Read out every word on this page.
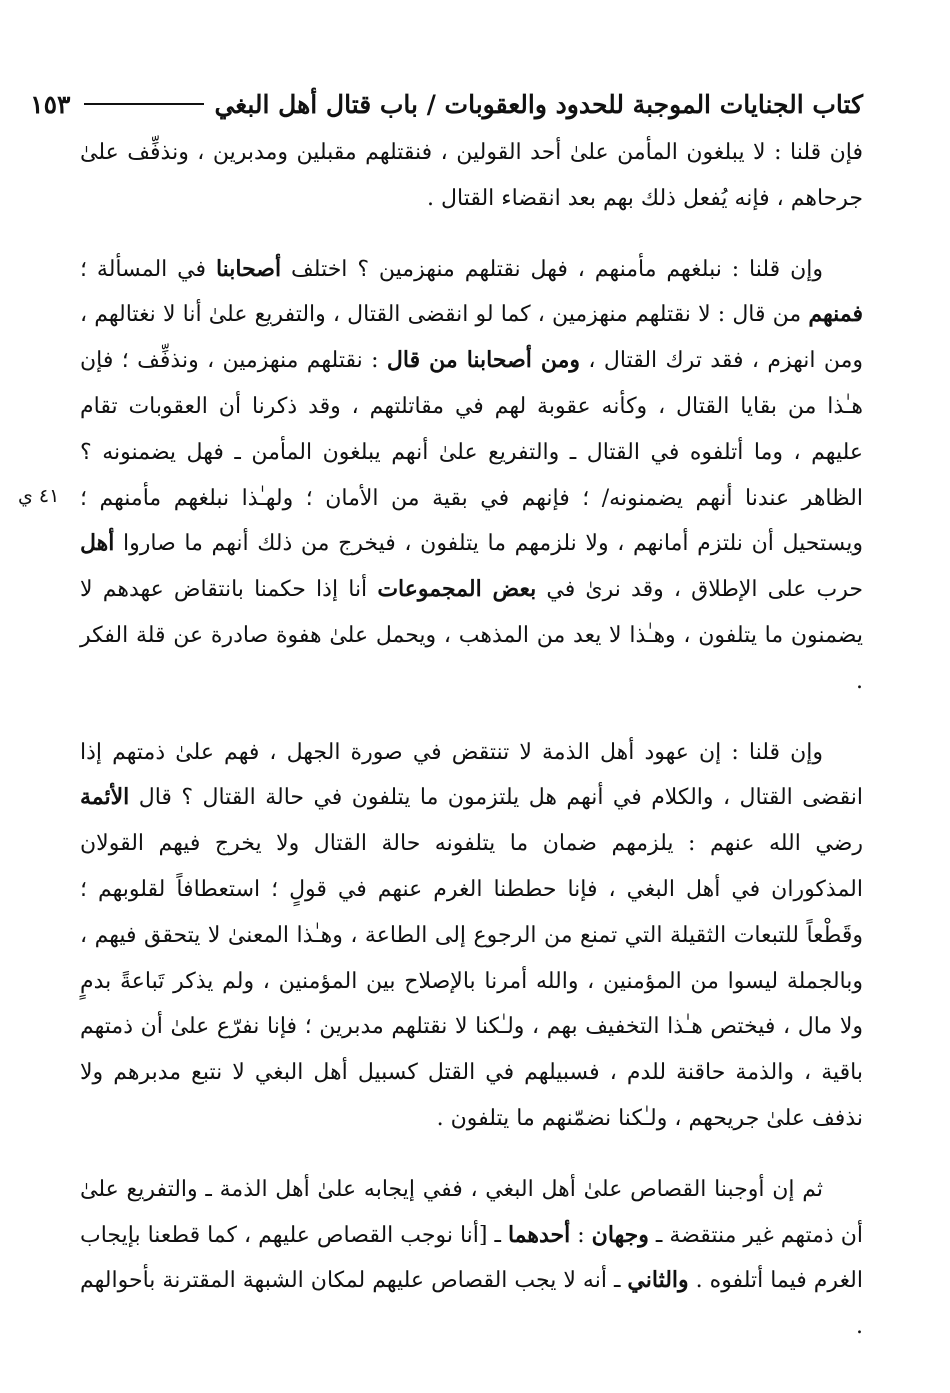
كتاب الجنايات الموجبة للحدود والعقوبات / باب قتال أهل البغي
١٥٣
٤١ ي

فإن قلنا : لا يبلغون المأمن علىٰ أحد القولين ، فنقتلهم مقبلين ومدبرين ، ونذفِّف علىٰ جرحاهم ، فإنه يُفعل ذلك بهم بعد انقضاء القتال .

وإن قلنا : نبلغهم مأمنهم ، فهل نقتلهم منهزمين ؟ اختلف أصحابنا في المسألة ؛ فمنهم من قال : لا نقتلهم منهزمين ، كما لو انقضى القتال ، والتفريع علىٰ أنا لا نغتالهم ، ومن انهزم ، فقد ترك القتال ، ومن أصحابنا من قال : نقتلهم منهزمين ، ونذفِّف ؛ فإن هـٰذا من بقايا القتال ، وكأنه عقوبة لهم في مقاتلتهم ، وقد ذكرنا أن العقوبات تقام عليهم ، وما أتلفوه في القتال ـ والتفريع علىٰ أنهم يبلغون المأمن ـ فهل يضمنونه ؟ الظاهر عندنا أنهم يضمنونه/ ؛ فإنهم في بقية من الأمان ؛ ولهـٰذا نبلغهم مأمنهم ؛ ويستحيل أن نلتزم أمانهم ، ولا نلزمهم ما يتلفون ، فيخرج من ذلك أنهم ما صاروا أهل حرب على الإطلاق ، وقد نرىٰ في بعض المجموعات أنا إذا حكمنا بانتقاض عهدهم لا يضمنون ما يتلفون ، وهـٰذا لا يعد من المذهب ، ويحمل علىٰ هفوة صادرة عن قلة الفكر .

وإن قلنا : إن عهود أهل الذمة لا تنتقض في صورة الجهل ، فهم علىٰ ذمتهم إذا انقضى القتال ، والكلام في أنهم هل يلتزمون ما يتلفون في حالة القتال ؟ قال الأئمة رضي الله عنهم : يلزمهم ضمان ما يتلفونه حالة القتال ولا يخرج فيهم القولان المذكوران في أهل البغي ، فإنا حططنا الغرم عنهم في قولٍ ؛ استعطافاً لقلوبهم ؛ وقَطْعاً للتبعات الثقيلة التي تمنع من الرجوع إلى الطاعة ، وهـٰذا المعنىٰ لا يتحقق فيهم ، وبالجملة ليسوا من المؤمنين ، والله أمرنا بالإصلاح بين المؤمنين ، ولم يذكر تَباعةً بدمٍ ولا مال ، فيختص هـٰذا التخفيف بهم ، ولـٰكنا لا نقتلهم مدبرين ؛ فإنا نفرّع علىٰ أن ذمتهم باقية ، والذمة حاقنة للدم ، فسبيلهم في القتل كسبيل أهل البغي لا نتبع مدبرهم ولا نذفف علىٰ جريحهم ، ولـٰكنا نضمّنهم ما يتلفون .

ثم إن أوجبنا القصاص علىٰ أهل البغي ، ففي إيجابه علىٰ أهل الذمة ـ والتفريع علىٰ أن ذمتهم غير منتقضة ـ وجهان : أحدهما ـ [أنا نوجب القصاص عليهم ، كما قطعنا بإيجاب الغرم فيما أتلفوه . والثاني ـ أنه لا يجب القصاص عليهم لمكان الشبهة المقترنة بأحوالهم .
